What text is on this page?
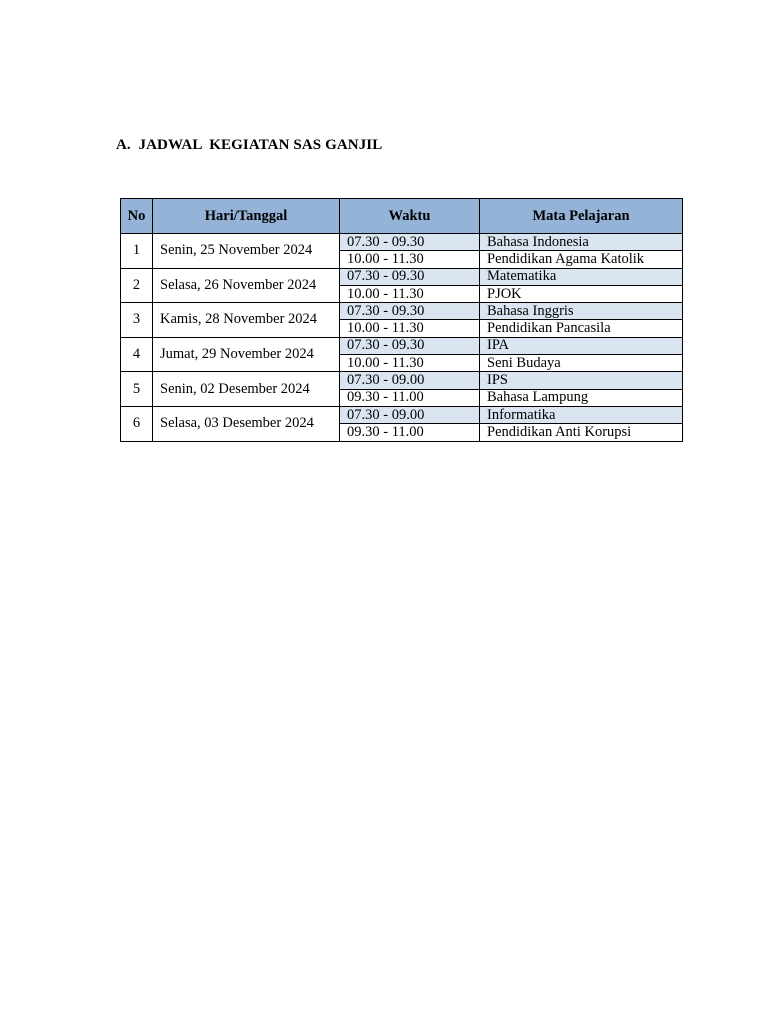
A.  JADWAL  KEGIATAN SAS GANJIL
No	Hari/Tanggal	Waktu	Mata Pelajaran
1	Senin, 25 November 2024	07.30 - 09.30	Bahasa Indonesia
		10.00 - 11.30	Pendidikan Agama Katolik
2	Selasa, 26 November 2024	07.30 - 09.30	Matematika
		10.00 - 11.30	PJOK
3	Kamis, 28 November 2024	07.30 - 09.30	Bahasa Inggris
		10.00 - 11.30	Pendidikan Pancasila
4	Jumat, 29 November 2024	07.30 - 09.30	IPA
		10.00 - 11.30	Seni Budaya
5	Senin, 02 Desember 2024	07.30 - 09.00	IPS
		09.30 - 11.00	Bahasa Lampung
6	Selasa, 03 Desember 2024	07.30 - 09.00	Informatika
		09.30 - 11.00	Pendidikan Anti Korupsi
